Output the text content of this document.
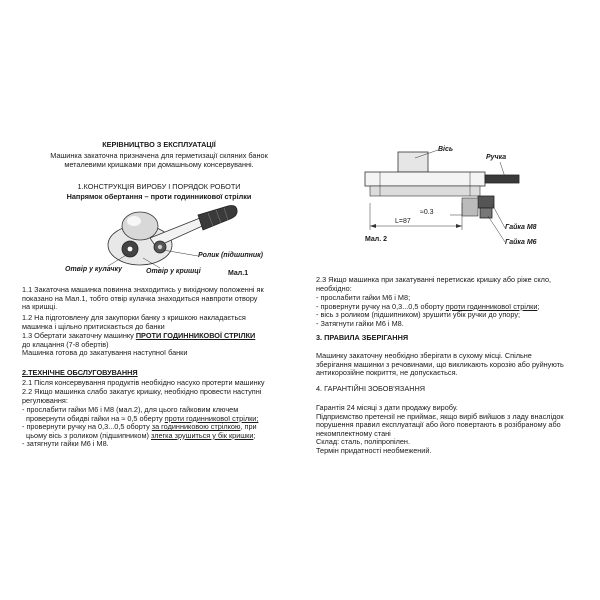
КЕРІВНИЦТВО З ЕКСПЛУАТАЦІЇ
Машинка закаточна призначена для герметизації скляних банок
металевими кришками при домашньому консервуванні.
1.КОНСТРУКЦІЯ ВИРОБУ І ПОРЯДОК РОБОТИ
Напрямок обертання – проти годинникової стрілки
Ролик (підшипник)
Отвір у кулачку	Отвір у кришці	Мал.1
1.1 Закаточна машинка повинна знаходитись у вихідному положенні як
показано на Мал.1, тобто отвір кулачка знаходиться навпроти отвору
на кришці.
1.2 На підготовлену для закупорки банку з кришкою накладається
машинка і щільно притискається до банки
1.3 Обертати закаточну машинку ПРОТИ ГОДИННИКОВОЇ СТРІЛКИ
до клацання (7-8 обертів)
Машинка готова до закатування наступної банки
2.ТЕХНІЧНЕ ОБСЛУГОВУВАННЯ
2.1 Після консервування продуктів необхідно насухо протерти машинку
2.2 Якщо машинка слабо закатує кришку, необхідно провести наступні
регулювання:
- прослабити гайки М6 і М8 (мал.2), для цього гайковим ключем
провернути обидві гайки на ≈ 0,5 оберту проти годинникової стрілки;
- провернути ручку на 0,3...0,5 оборту за годинниковою стрілкою, при
цьому вісь з роликом (підшипником) злегка зрушиться у бік кришки;
- затягнути гайки М6 і М8.
Вісь
Ручка
Гайка М8
Гайка М6
≈0.3
L=87
Мал. 2
2.3 Якщо машинка при закатуванні перетискає кришку або ріже скло,
необхідно:
- прослабити гайки М6 і М8;
- провернути ручку на 0,3...0,5 оборту проти годинникової стрілки;
- вісь з роликом (підшипником) зрушити убік ручки до упору;
- Затягнути гайки М6 і М8.
3. ПРАВИЛА ЗБЕРІГАННЯ
Машинку закаточну необхідно зберігати в сухому місці. Спільне
зберігання машинки з речовинами, що викликають корозію або руйнують
антикорозійне покриття, не допускається.
4. ГАРАНТІЙНІ ЗОБОВ'ЯЗАННЯ
Гарантія 24 місяці з дати продажу виробу.
Підприємство претензії не приймає, якщо виріб вийшов з ладу внаслідок
порушення правил експлуатації або його повертають в розібраному або
некомплектному стані
Склад: сталь, поліпропілен.
Термін придатності необмежений.
